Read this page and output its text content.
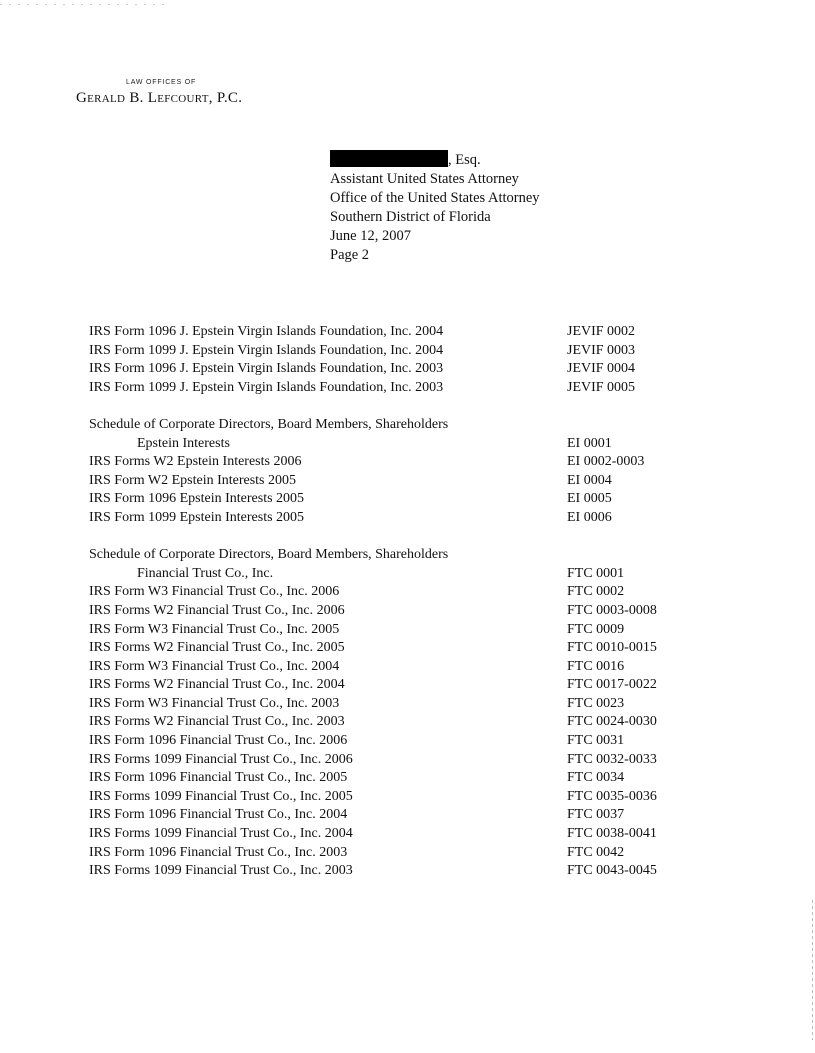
LAW OFFICES OF
Gerald B. Lefcourt, P.C.
, Esq.
Assistant United States Attorney
Office of the United States Attorney
Southern District of Florida
June 12, 2007
Page 2
IRS Form 1096 J. Epstein Virgin Islands Foundation, Inc. 2004	JEVIF 0002
IRS Form 1099 J. Epstein Virgin Islands Foundation, Inc. 2004	JEVIF 0003
IRS Form 1096 J. Epstein Virgin Islands Foundation, Inc. 2003	JEVIF 0004
IRS Form 1099 J. Epstein Virgin Islands Foundation, Inc. 2003	JEVIF 0005
Schedule of Corporate Directors, Board Members, Shareholders
Epstein Interests	EI 0001
IRS Forms W2 Epstein Interests 2006	EI 0002-0003
IRS Form W2 Epstein Interests 2005	EI 0004
IRS Form 1096 Epstein Interests 2005	EI 0005
IRS Form 1099 Epstein Interests 2005	EI 0006
Schedule of Corporate Directors, Board Members, Shareholders
Financial Trust Co., Inc.	FTC 0001
IRS Form W3 Financial Trust Co., Inc. 2006	FTC 0002
IRS Forms W2 Financial Trust Co., Inc. 2006	FTC 0003-0008
IRS Form W3 Financial Trust Co., Inc. 2005	FTC 0009
IRS Forms W2 Financial Trust Co., Inc. 2005	FTC 0010-0015
IRS Form W3 Financial Trust Co., Inc. 2004	FTC 0016
IRS Forms W2 Financial Trust Co., Inc. 2004	FTC 0017-0022
IRS Form W3 Financial Trust Co., Inc. 2003	FTC 0023
IRS Forms W2 Financial Trust Co., Inc. 2003	FTC 0024-0030
IRS Form 1096 Financial Trust Co., Inc. 2006	FTC 0031
IRS Forms 1099 Financial Trust Co., Inc. 2006	FTC 0032-0033
IRS Form 1096 Financial Trust Co., Inc. 2005	FTC 0034
IRS Forms 1099 Financial Trust Co., Inc. 2005	FTC 0035-0036
IRS Form 1096 Financial Trust Co., Inc. 2004	FTC 0037
IRS Forms 1099 Financial Trust Co., Inc. 2004	FTC 0038-0041
IRS Form 1096 Financial Trust Co., Inc. 2003	FTC 0042
IRS Forms 1099 Financial Trust Co., Inc. 2003	FTC 0043-0045
